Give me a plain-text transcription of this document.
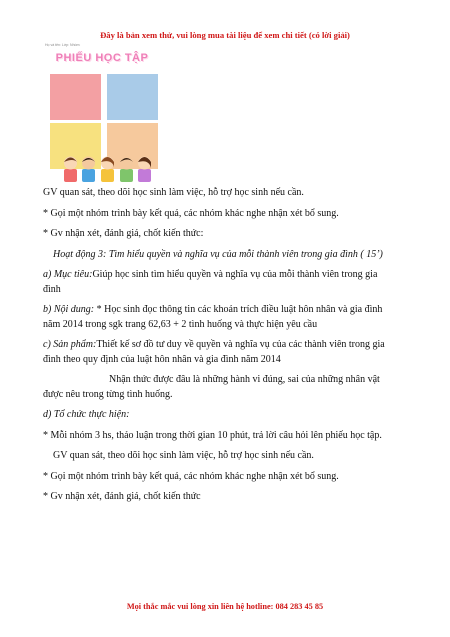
Đây là bản xem thử, vui lòng mua tài liệu để xem chi tiết (có lời giải)
Họ và tên: Lớp: Nhóm:
PHIẾU HỌC TẬP

GV quan sát, theo dõi học sinh làm việc, hỗ trợ học sinh nếu cần.

* Gọi một nhóm trình bày kết quả, các nhóm khác nghe nhận xét bổ sung.

* Gv nhận xét, đánh giá, chốt kiến thức:

Hoạt động 3: Tìm hiểu quyền và nghĩa vụ của mỗi thành viên trong gia đình ( 15’)

a) Mục tiêu:Giúp học sinh tìm hiểu quyền và nghĩa vụ của mỗi thành viên trong gia đình

b) Nội dung: * Học sinh đọc thông tin các khoản trích điều luật hôn nhân và gia đình năm 2014 trong sgk trang 62,63 + 2 tình huống và thực hiện yêu cầu

c) Sản phẩm:Thiết kế sơ đồ tư duy về quyền và nghĩa vụ của các thành viên trong gia đình theo quy định của luật hôn nhân và gia đình năm 2014

Nhận thức được đâu là những hành vi đúng, sai của những nhân vật được nêu trong từng tình huống.

d) Tổ chức thực hiện:

* Mỗi nhóm 3 hs, thảo luận trong thời gian 10 phút, trả lời câu hỏi lên phiếu học tập.

GV quan sát, theo dõi học sinh làm việc, hỗ trợ học sinh nếu cần.

* Gọi một nhóm trình bày kết quả, các nhóm khác nghe nhận xét bổ sung.

* Gv nhận xét, đánh giá, chốt kiến thức

Mọi thắc mắc vui lòng xin liên hệ hotline: 084 283 45 85
